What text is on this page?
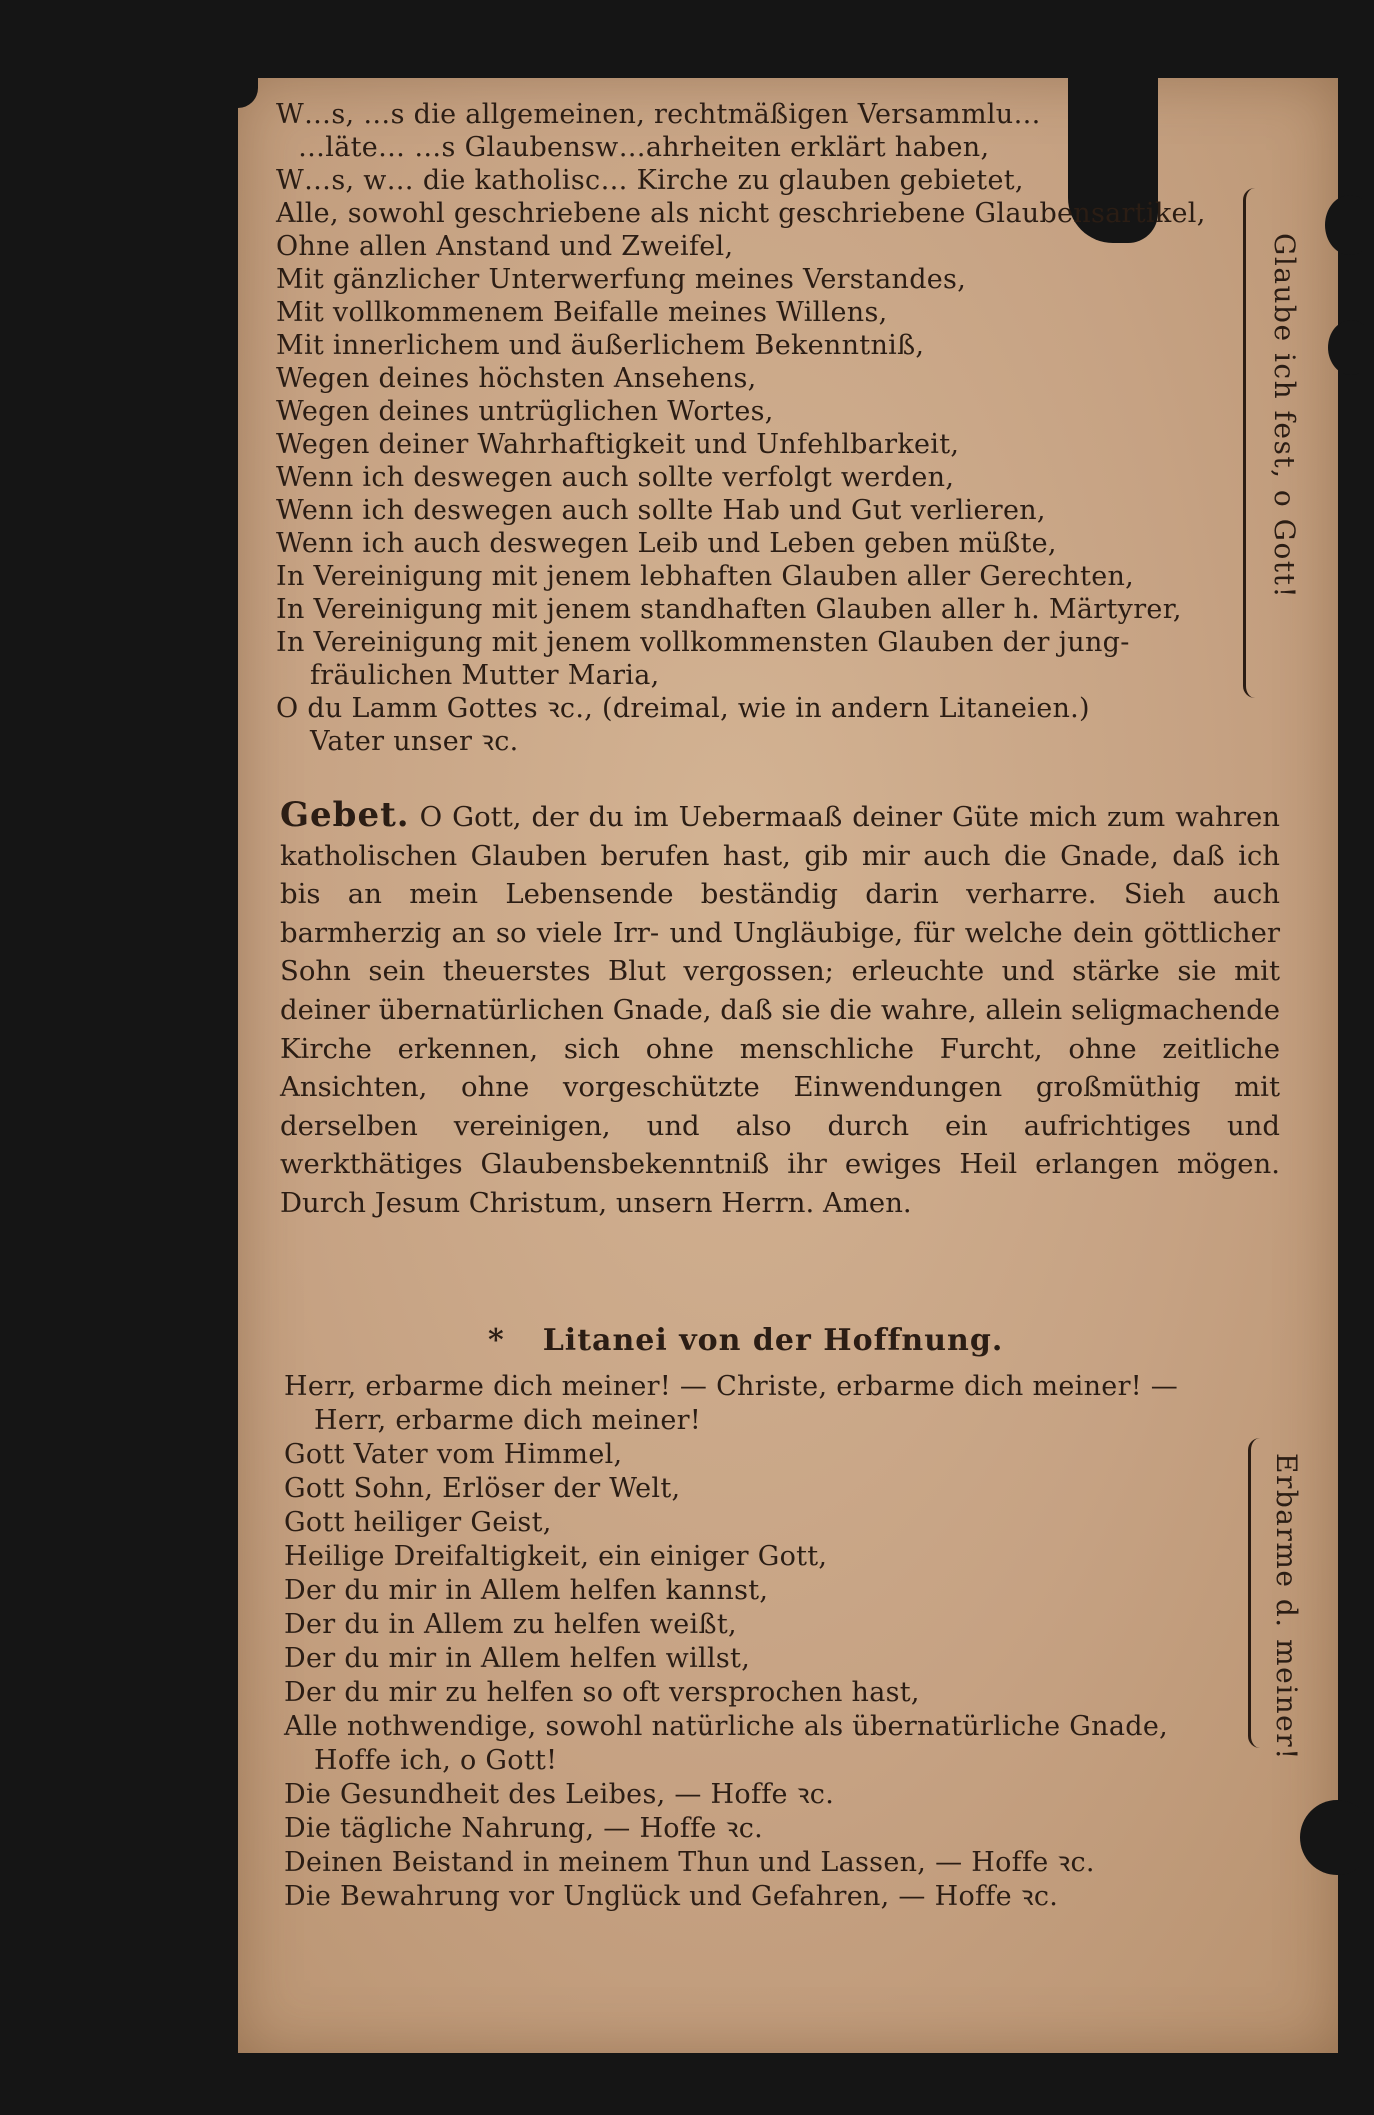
W…s, …s die allgemeinen, rechtmäßigen Versammlu…
…läte… …s Glaubensw…ahrheiten erklärt haben,
W…s, w… die katholisc… Kirche zu glauben gebietet,
Alle, sowohl geschriebene als nicht geschriebene Glaubensartikel,
Ohne allen Anstand und Zweifel,
Mit gänzlicher Unterwerfung meines Verstandes,
Mit vollkommenem Beifalle meines Willens,
Mit innerlichem und äußerlichem Bekenntniß,
Wegen deines höchsten Ansehens,
Wegen deines untrüglichen Wortes,
Wegen deiner Wahrhaftigkeit und Unfehlbarkeit,
Wenn ich deswegen auch sollte verfolgt werden,
Wenn ich deswegen auch sollte Hab und Gut verlieren,
Wenn ich auch deswegen Leib und Leben geben müßte,
In Vereinigung mit jenem lebhaften Glauben aller Gerechten,
In Vereinigung mit jenem standhaften Glauben aller h. Märtyrer,
In Vereinigung mit jenem vollkommensten Glauben der jung-
fräulichen Mutter Maria,
O du Lamm Gottes ꝛc., (dreimal, wie in andern Litaneien.)
Vater unser ꝛc.
Glaube ich fest, o Gott!
Gebet. O Gott, der du im Uebermaaß deiner Güte mich zum wahren katholischen Glauben berufen hast, gib mir auch die Gnade, daß ich bis an mein Lebensende beständig darin verharre. Sieh auch barmherzig an so viele Irr- und Ungläubige, für welche dein göttlicher Sohn sein theuerstes Blut vergossen; erleuchte und stärke sie mit deiner übernatürlichen Gnade, daß sie die wahre, allein seligmachende Kirche erkennen, sich ohne menschliche Furcht, ohne zeitliche Ansichten, ohne vorgeschützte Einwendungen großmüthig mit derselben vereinigen, und also durch ein aufrichtiges und werkthätiges Glaubensbekenntniß ihr ewiges Heil erlangen mögen. Durch Jesum Christum, unsern Herrn. Amen.
* Litanei von der Hoffnung.
Herr, erbarme dich meiner! — Christe, erbarme dich meiner! —
Herr, erbarme dich meiner!
Gott Vater vom Himmel,
Gott Sohn, Erlöser der Welt,
Gott heiliger Geist,
Heilige Dreifaltigkeit, ein einiger Gott,
Der du mir in Allem helfen kannst,
Der du in Allem zu helfen weißt,
Der du mir in Allem helfen willst,
Der du mir zu helfen so oft versprochen hast,
Alle nothwendige, sowohl natürliche als übernatürliche Gnade,
Hoffe ich, o Gott!
Die Gesundheit des Leibes, — Hoffe ꝛc.
Die tägliche Nahrung, — Hoffe ꝛc.
Deinen Beistand in meinem Thun und Lassen, — Hoffe ꝛc.
Die Bewahrung vor Unglück und Gefahren, — Hoffe ꝛc.
Erbarme d. meiner!
